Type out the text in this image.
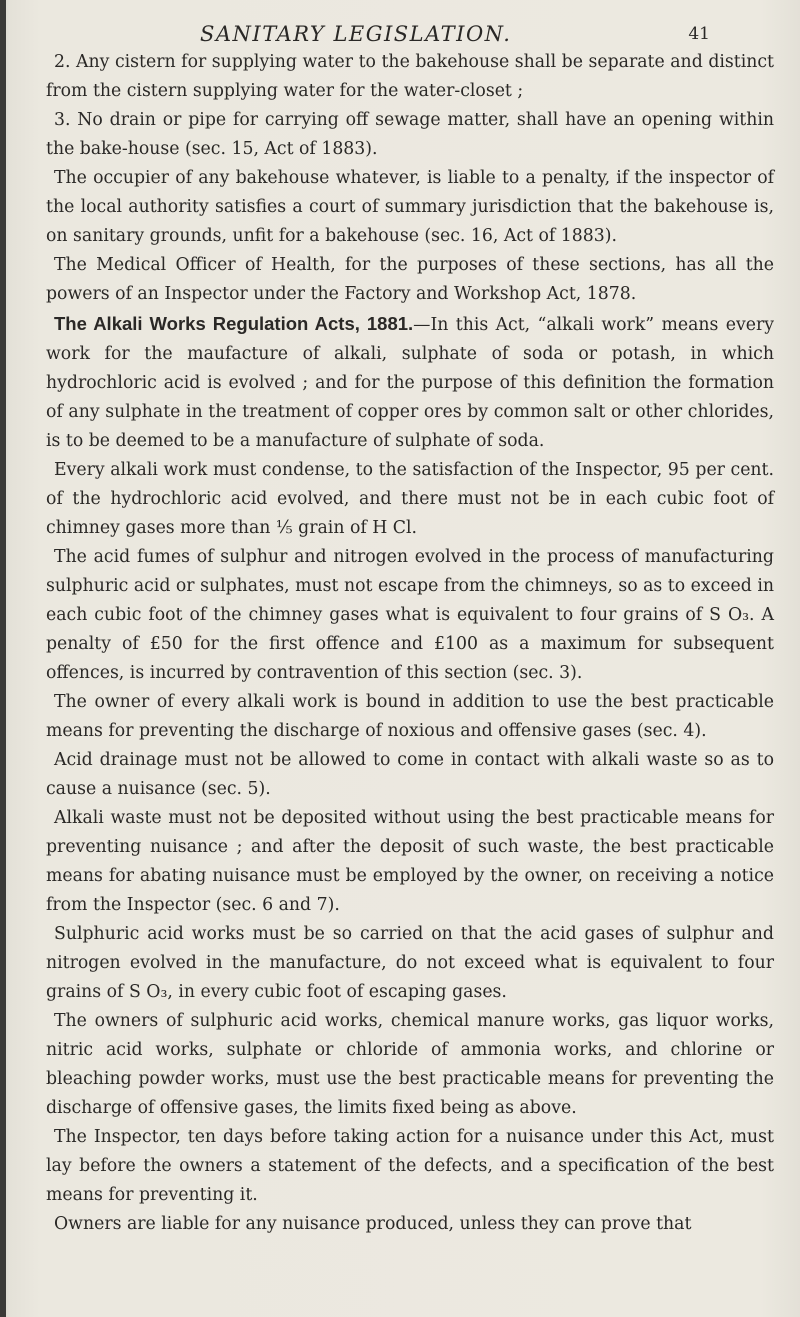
SANITARY LEGISLATION.	41

2. Any cistern for supplying water to the bakehouse shall be separate and distinct from the cistern supplying water for the water-closet ;

3. No drain or pipe for carrying off sewage matter, shall have an opening within the bake-house (sec. 15, Act of 1883).

The occupier of any bakehouse whatever, is liable to a penalty, if the inspector of the local authority satisfies a court of summary jurisdiction that the bakehouse is, on sanitary grounds, unfit for a bakehouse (sec. 16, Act of 1883).

The Medical Officer of Health, for the purposes of these sections, has all the powers of an Inspector under the Factory and Workshop Act, 1878.

The Alkali Works Regulation Acts, 1881.—In this Act, “alkali work” means every work for the maufacture of alkali, sulphate of soda or potash, in which hydrochloric acid is evolved ; and for the purpose of this definition the formation of any sulphate in the treatment of copper ores by common salt or other chlorides, is to be deemed to be a manufacture of sulphate of soda.

Every alkali work must condense, to the satisfaction of the Inspector, 95 per cent. of the hydrochloric acid evolved, and there must not be in each cubic foot of chimney gases more than ⅕ grain of H Cl.

The acid fumes of sulphur and nitrogen evolved in the process of manufacturing sulphuric acid or sulphates, must not escape from the chimneys, so as to exceed in each cubic foot of the chimney gases what is equivalent to four grains of S O₃. A penalty of £50 for the first offence and £100 as a maximum for subsequent offences, is incurred by contravention of this section (sec. 3).

The owner of every alkali work is bound in addition to use the best practicable means for preventing the discharge of noxious and offensive gases (sec. 4).

Acid drainage must not be allowed to come in contact with alkali waste so as to cause a nuisance (sec. 5).

Alkali waste must not be deposited without using the best practicable means for preventing nuisance ; and after the deposit of such waste, the best practicable means for abating nuisance must be employed by the owner, on receiving a notice from the Inspector (sec. 6 and 7).

Sulphuric acid works must be so carried on that the acid gases of sulphur and nitrogen evolved in the manufacture, do not exceed what is equivalent to four grains of S O₃, in every cubic foot of escaping gases.

The owners of sulphuric acid works, chemical manure works, gas liquor works, nitric acid works, sulphate or chloride of ammonia works, and chlorine or bleaching powder works, must use the best practicable means for preventing the discharge of offensive gases, the limits fixed being as above.

The Inspector, ten days before taking action for a nuisance under this Act, must lay before the owners a statement of the defects, and a specification of the best means for preventing it.

Owners are liable for any nuisance produced, unless they can prove that
